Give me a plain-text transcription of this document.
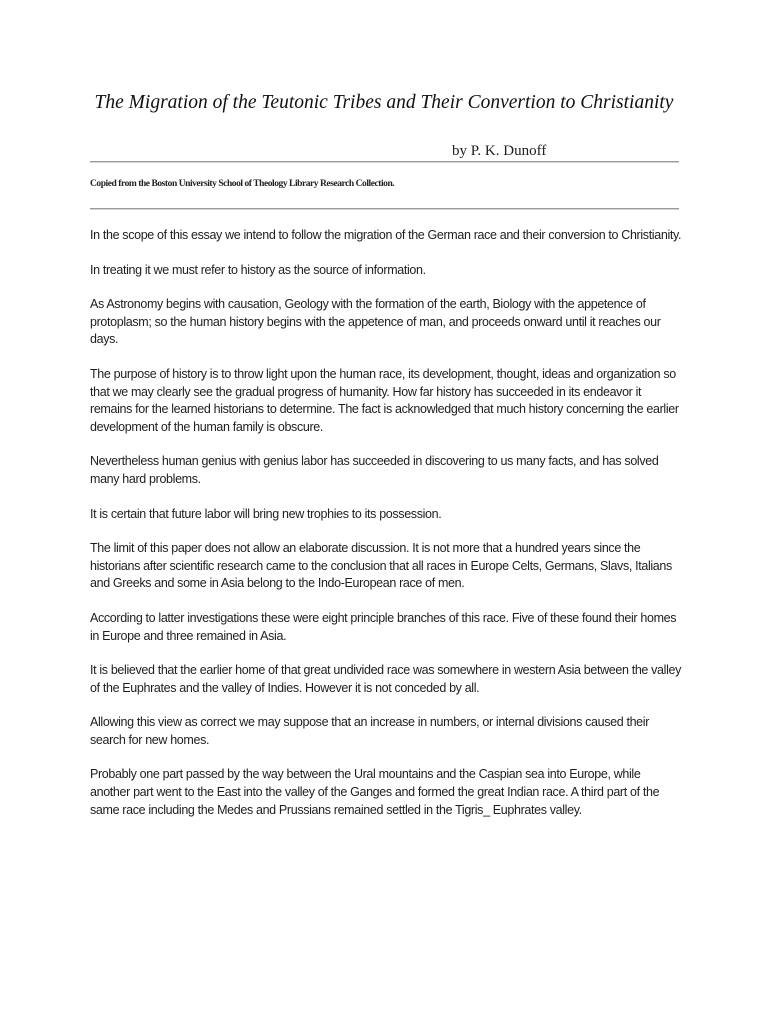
The Migration of the Teutonic Tribes and Their Convertion to Christianity
by P. K. Dunoff
Copied from the Boston University School of Theology Library Research Collection.

In the scope of this essay we intend to follow the migration of the German race and their conversion to Christianity.

In treating it we must refer to history as the source of information.

As Astronomy begins with causation, Geology with the formation of the earth, Biology with the appetence of protoplasm; so the human history begins with the appetence of man, and proceeds onward until it reaches our days.

The purpose of history is to throw light upon the human race, its development, thought, ideas and organization so that we may clearly see the gradual progress of humanity. How far history has succeeded in its endeavor it remains for the learned historians to determine. The fact is acknowledged that much history concerning the earlier development of the human family is obscure.

Nevertheless human genius with genius labor has succeeded in discovering to us many facts, and has solved many hard problems.

It is certain that future labor will bring new trophies to its possession.

The limit of this paper does not allow an elaborate discussion. It is not more that a hundred years since the historians after scientific research came to the conclusion that all races in Europe Celts, Germans, Slavs, Italians and Greeks and some in Asia belong to the Indo-European race of men.

According to latter investigations these were eight principle branches of this race. Five of these found their homes in Europe and three remained in Asia.

It is believed that the earlier home of that great undivided race was somewhere in western Asia between the valley of the Euphrates and the valley of Indies. However it is not conceded by all.

Allowing this view as correct we may suppose that an increase in numbers, or internal divisions caused their search for new homes.

Probably one part passed by the way between the Ural mountains and the Caspian sea into Europe, while another part went to the East into the valley of the Ganges and formed the great Indian race. A third part of the same race including the Medes and Prussians remained settled in the Tigris_ Euphrates valley.
